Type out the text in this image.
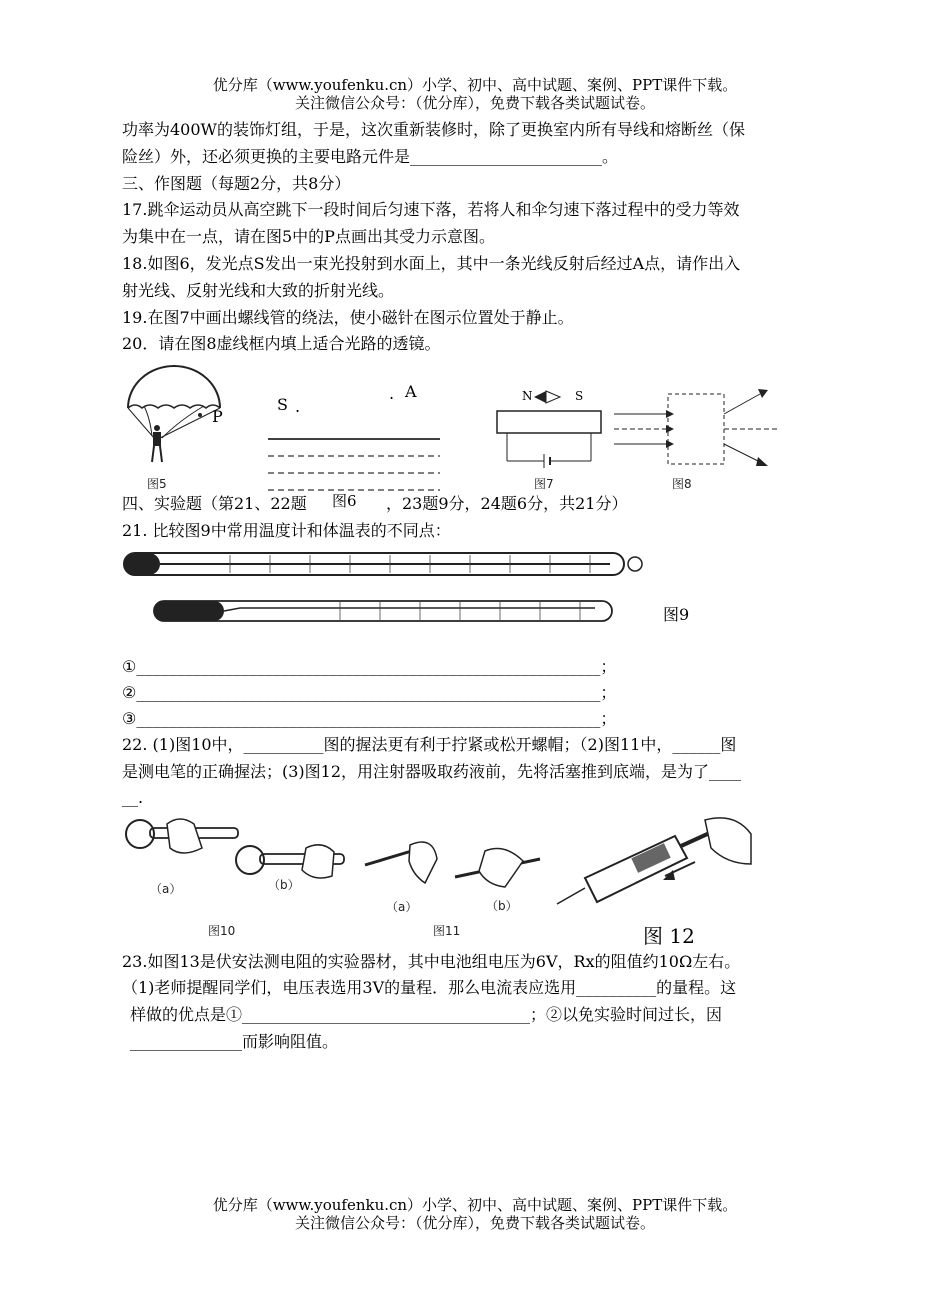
优分库（www.youfenku.cn）小学、初中、高中试题、案例、PPT课件下载。
关注微信公众号：（优分库），免费下载各类试题试卷。
功率为400W的装饰灯组，于是，这次重新装修时，除了更换室内所有导线和熔断丝（保
险丝）外，还必须更换的主要电路元件是________________________。
三、作图题（每题2分，共8分）
17.跳伞运动员从高空跳下一段时间后匀速下落，若将人和伞匀速下落过程中的受力等效
为集中在一点，请在图5中的P点画出其受力示意图。
18.如图6，发光点S发出一束光投射到水面上，其中一条光线反射后经过A点，请作出入
射光线、反射光线和大致的折射光线。
19.在图7中画出螺线管的绕法，使小磁针在图示位置处于静止。
20．请在图8虚线框内填上适合光路的透镜。
P
图5
S .
. A	N	S
图7	图8
四、实验题（第21、22题 图6 ，23题9分，24题6分，共21分）
21. 比较图9中常用温度计和体温表的不同点：
图9
①__________________________________________________________；
②__________________________________________________________；
③__________________________________________________________；
22. (1)图10中，__________图的握法更有利于拧紧或松开螺帽；（2)图11中，______图
是测电笔的正确握法；(3)图12，用注射器吸取药液前，先将活塞推到底端，是为了____
__.
（a）	（b）
图10
（a）	（b）
图11	图 12
23.如图13是伏安法测电阻的实验器材，其中电池组电压为6V，Rx的阻值约10Ω左右。
（1)老师提醒同学们，电压表选用3V的量程．那么电流表应选用__________的量程。这
样做的优点是①____________________________________；②以免实验时间过长，因
______________而影响阻值。
优分库（www.youfenku.cn）小学、初中、高中试题、案例、PPT课件下载。
关注微信公众号：（优分库），免费下载各类试题试卷。
